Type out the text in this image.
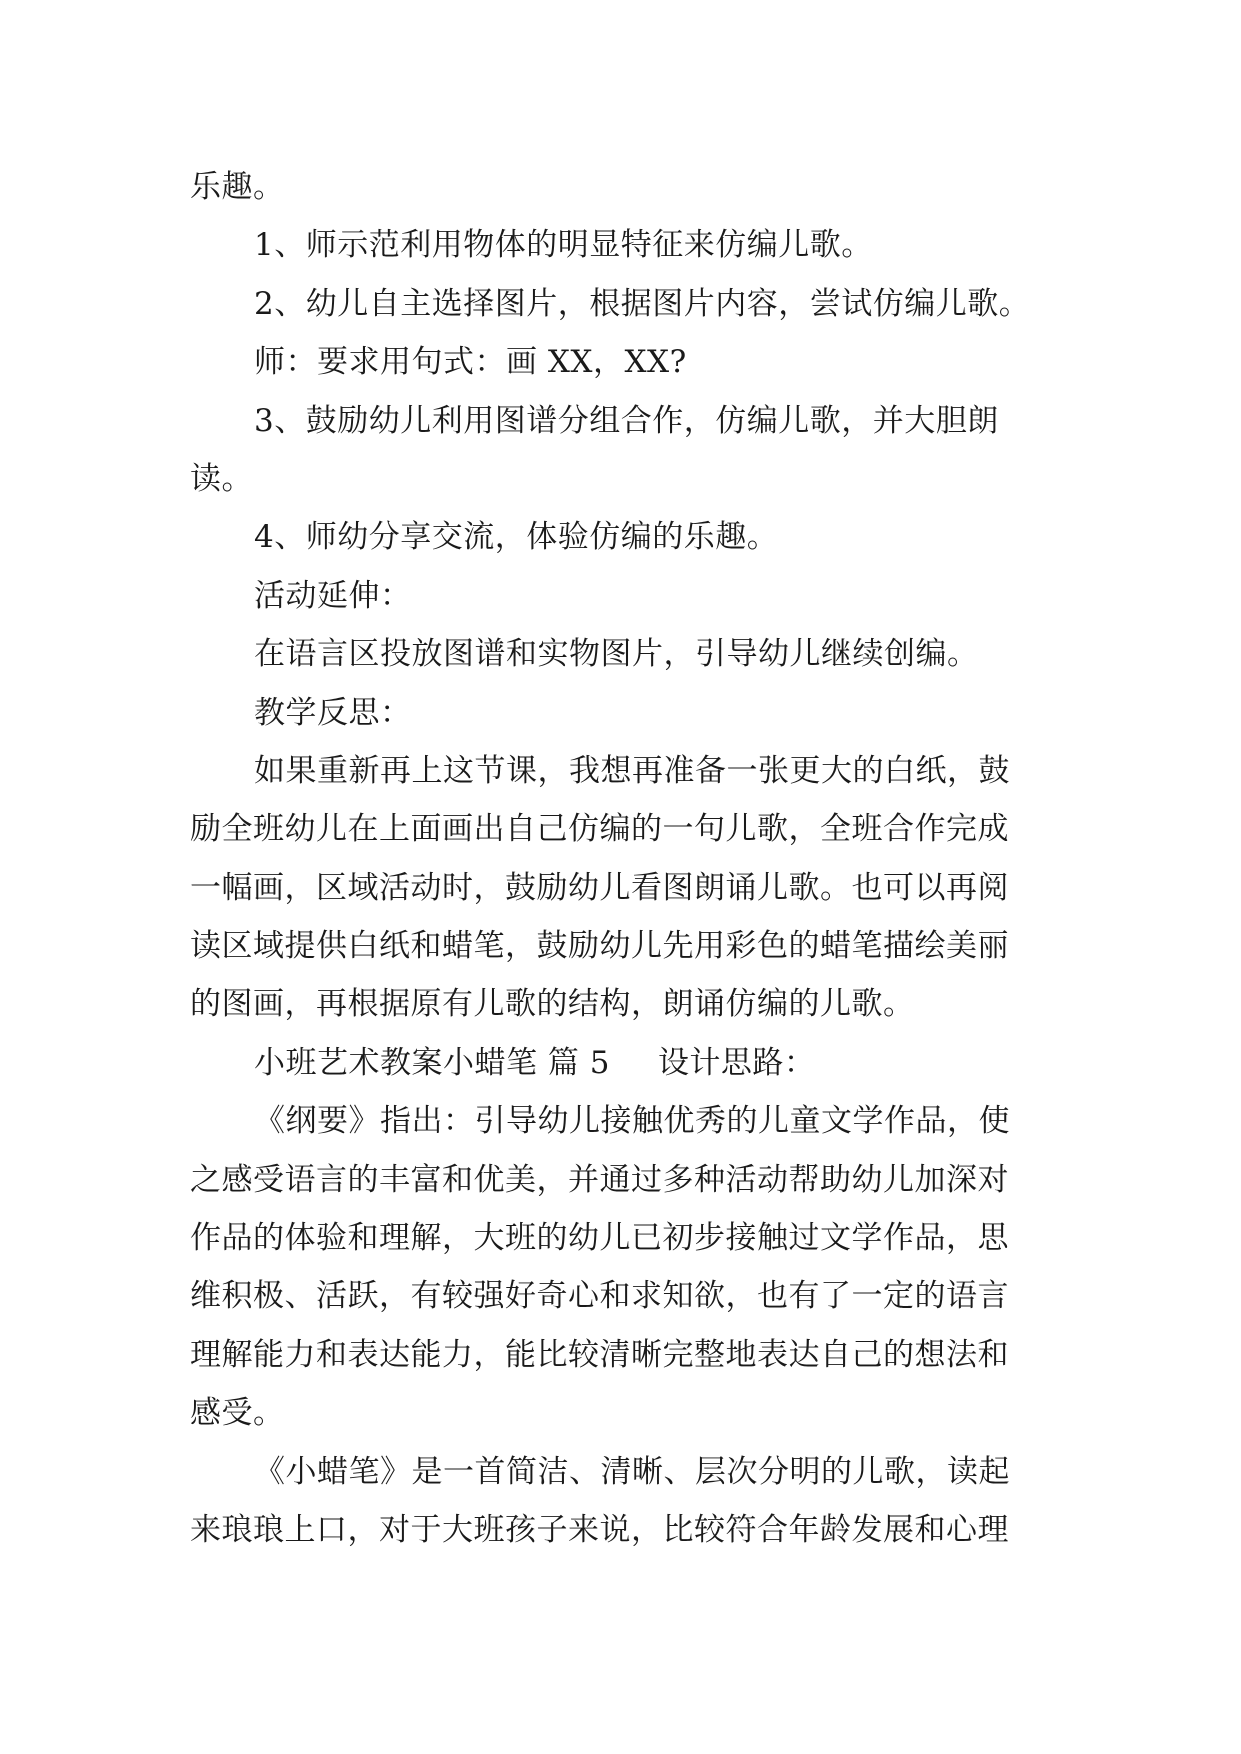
乐趣。
1、师示范利用物体的明显特征来仿编儿歌。
2、幼儿自主选择图片，根据图片内容，尝试仿编儿歌。
师：要求用句式：画 XX，XX?
3、鼓励幼儿利用图谱分组合作，仿编儿歌，并大胆朗
读。
4、师幼分享交流，体验仿编的乐趣。
活动延伸：
在语言区投放图谱和实物图片，引导幼儿继续创编。
教学反思：
如果重新再上这节课，我想再准备一张更大的白纸，鼓
励全班幼儿在上面画出自己仿编的一句儿歌，全班合作完成
一幅画，区域活动时，鼓励幼儿看图朗诵儿歌。也可以再阅
读区域提供白纸和蜡笔，鼓励幼儿先用彩色的蜡笔描绘美丽
的图画，再根据原有儿歌的结构，朗诵仿编的儿歌。
小班艺术教案小蜡笔 篇 5 设计思路：
《纲要》指出：引导幼儿接触优秀的儿童文学作品，使
之感受语言的丰富和优美，并通过多种活动帮助幼儿加深对
作品的体验和理解，大班的幼儿已初步接触过文学作品，思
维积极、活跃，有较强好奇心和求知欲，也有了一定的语言
理解能力和表达能力，能比较清晰完整地表达自己的想法和
感受。
《小蜡笔》是一首简洁、清晰、层次分明的儿歌，读起
来琅琅上口，对于大班孩子来说，比较符合年龄发展和心理
